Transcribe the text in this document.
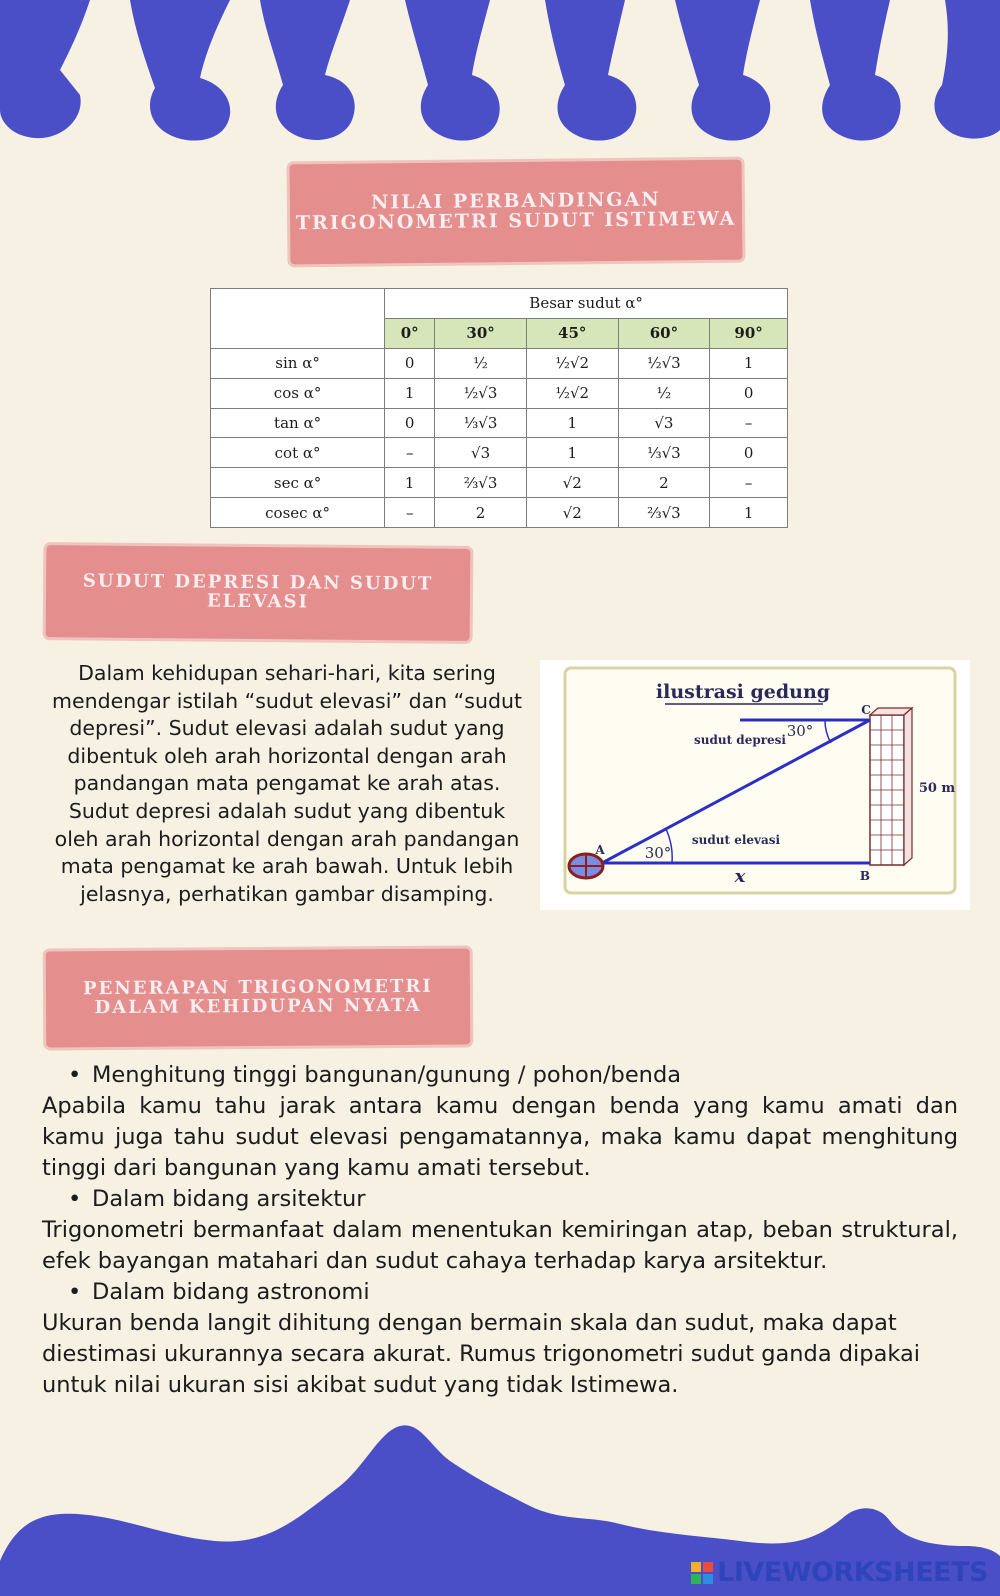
NILAI PERBANDINGAN
TRIGONOMETRI SUDUT ISTIMEWA
	Besar sudut α°				
	0°	30°	45°	60°	90°
sin α°	0	½	½√2	½√3	1
cos α°	1	½√3	½√2	½	0
tan α°	0	⅓√3	1	√3	–
cot α°	–	√3	1	⅓√3	0
sec α°	1	⅔√3	√2	2	–
cosec α°	–	2	√2	⅔√3	1
SUDUT DEPRESI DAN SUDUT
ELEVASI

Dalam kehidupan sehari-hari, kita sering mendengar istilah “sudut elevasi” dan “sudut depresi”. Sudut elevasi adalah sudut yang dibentuk oleh arah horizontal dengan arah pandangan mata pengamat ke arah atas. Sudut depresi adalah sudut yang dibentuk oleh arah horizontal dengan arah pandangan mata pengamat ke arah bawah. Untuk lebih jelasnya, perhatikan gambar disamping.

ilustrasi gedung
sudut depresi
sudut elevasi
30°
30°
50 m
A
B
C
x
PENERAPAN TRIGONOMETRI
DALAM KEHIDUPAN NYATA
• Menghitung tinggi bangunan/gunung / pohon/benda

Apabila kamu tahu jarak antara kamu dengan benda yang kamu amati dan kamu juga tahu sudut elevasi pengamatannya, maka kamu dapat menghitung tinggi dari bangunan yang kamu amati tersebut.

• Dalam bidang arsitektur

Trigonometri bermanfaat dalam menentukan kemiringan atap, beban struktural, efek bayangan matahari dan sudut cahaya terhadap karya arsitektur.

• Dalam bidang astronomi

Ukuran benda langit dihitung dengan bermain skala dan sudut, maka dapat diestimasi ukurannya secara akurat. Rumus trigonometri sudut ganda dipakai untuk nilai ukuran sisi akibat sudut yang tidak Istimewa.

LIVEWORKSHEETS
